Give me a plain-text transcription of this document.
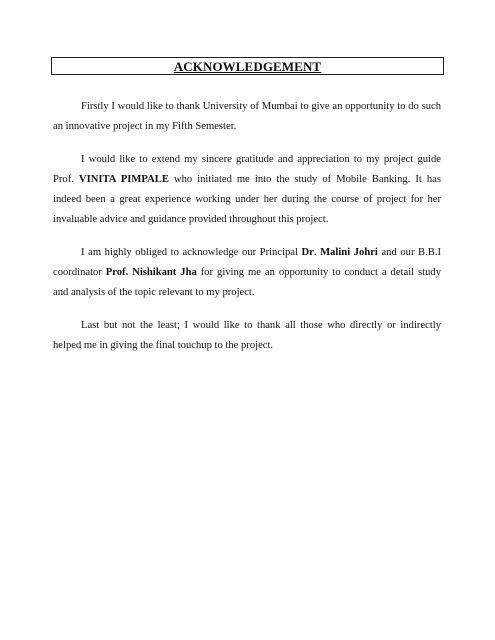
ACKNOWLEDGEMENT

Firstly I would like to thank University of Mumbai to give an opportunity to do such an innovative project in my Fifth Semester.

I would like to extend my sincere gratitude and appreciation to my project guide Prof. VINITA PIMPALE who initiated me into the study of Mobile Banking. It has indeed been a great experience working under her during the course of project for her invaluable advice and guidance provided throughout this project.

I am highly obliged to acknowledge our Principal Dr. Malini Johri and our B.B.I coordinator Prof. Nishikant Jha for giving me an opportunity to conduct a detail study and analysis of the topic relevant to my project.

Last but not the least; I would like to thank all those who directly or indirectly helped me in giving the final touchup to the project.
